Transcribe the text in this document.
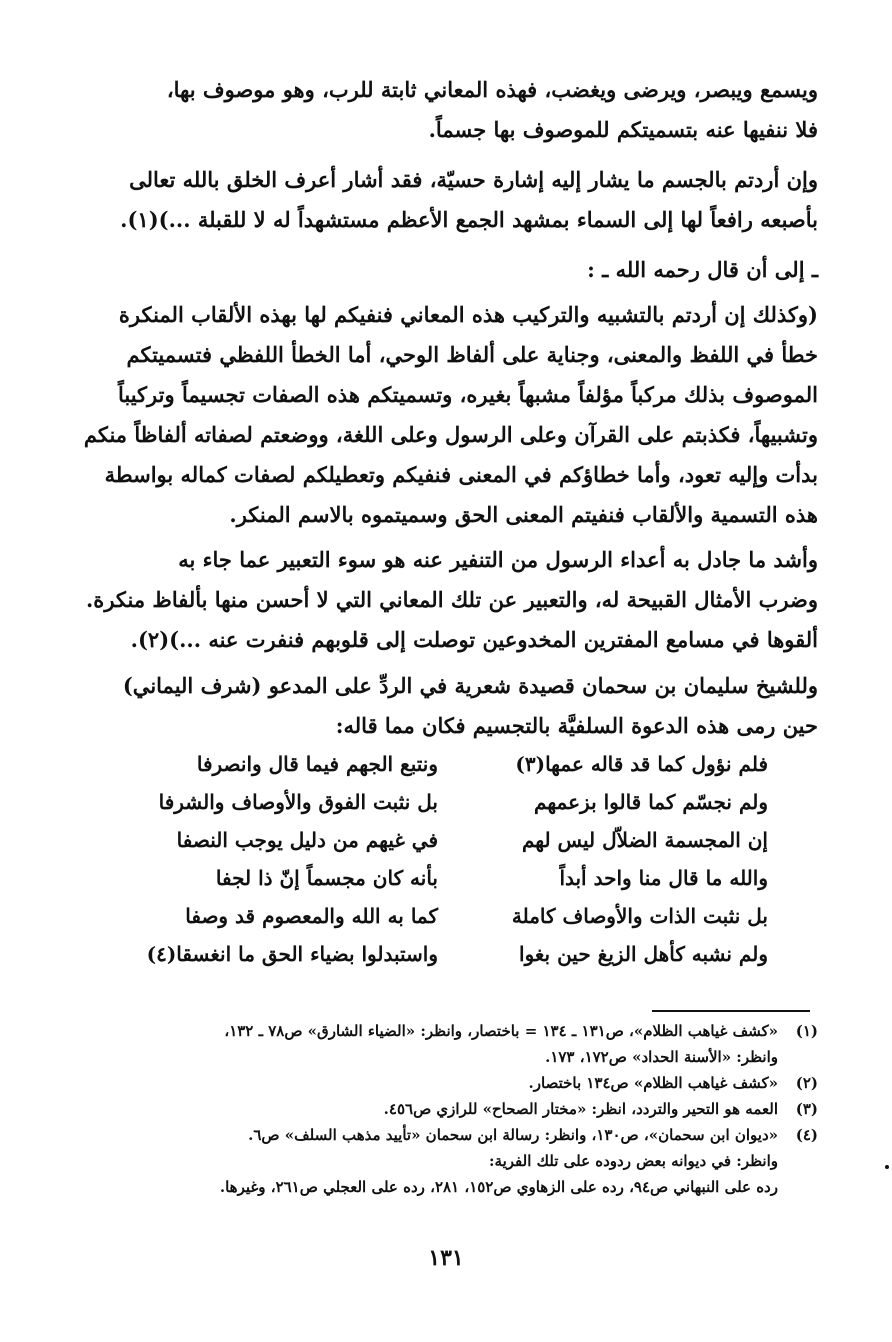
ويسمع ويبصر، ويرضى ويغضب، فهذه المعاني ثابتة للرب، وهو موصوف بها،
فلا ننفيها عنه بتسميتكم للموصوف بها جسماً.
وإن أردتم بالجسم ما يشار إليه إشارة حسيّة، فقد أشار أعرف الخلق بالله تعالى
بأصبعه رافعاً لها إلى السماء بمشهد الجمع الأعظم مستشهداً له لا للقبلة ...)(١).
ـ إلى أن قال رحمه الله ـ :
(وكذلك إن أردتم بالتشبيه والتركيب هذه المعاني فنفيكم لها بهذه الألقاب المنكرة
خطأ في اللفظ والمعنى، وجناية على ألفاظ الوحي، أما الخطأ اللفظي فتسميتكم
الموصوف بذلك مركباً مؤلفاً مشبهاً بغيره، وتسميتكم هذه الصفات تجسيماً وتركيباً
وتشبيهاً، فكذبتم على القرآن وعلى الرسول وعلى اللغة، ووضعتم لصفاته ألفاظاً منكم
بدأت وإليه تعود، وأما خطاؤكم في المعنى فنفيكم وتعطيلكم لصفات كماله بواسطة
هذه التسمية والألقاب فنفيتم المعنى الحق وسميتموه بالاسم المنكر.
وأشد ما جادل به أعداء الرسول من التنفير عنه هو سوء التعبير عما جاء به
وضرب الأمثال القبيحة له، والتعبير عن تلك المعاني التي لا أحسن منها بألفاظ منكرة.
ألقوها في مسامع المفترين المخدوعين توصلت إلى قلوبهم فنفرت عنه ...)(٢).
وللشيخ سليمان بن سحمان قصيدة شعرية في الردِّ على المدعو (شرف اليماني)
حين رمى هذه الدعوة السلفيَّة بالتجسيم فكان مما قاله:
فلم نؤول كما قد قاله عمها(٣)
ونتبع الجهم فيما قال وانصرفا
ولم نجسّم كما قالوا بزعمهم
بل نثبت الفوق والأوصاف والشرفا
إن المجسمة الضلاّل ليس لهم
في غيهم من دليل يوجب النصفا
والله ما قال منا واحد أبداً
بأنه كان مجسماً إنّ ذا لجفا
بل نثبت الذات والأوصاف كاملة
كما به الله والمعصوم قد وصفا
ولم نشبه كأهل الزيغ حين بغوا
واستبدلوا بضياء الحق ما انغسقا(٤)
(١)
«كشف غياهب الظلام»، ص١٣١ ـ ١٣٤ = باختصار، وانظر: «الضياء الشارق» ص٧٨ ـ ١٣٢،
وانظر: «الأسنة الحداد» ص١٧٢، ١٧٣.
(٢)
«كشف غياهب الظلام» ص١٣٤ باختصار.
(٣)
العمه هو التحير والتردد، انظر: «مختار الصحاح» للرازي ص٤٥٦.
(٤)
«ديوان ابن سحمان»، ص١٣٠، وانظر: رسالة ابن سحمان «تأييد مذهب السلف» ص٦.
وانظر: في ديوانه بعض ردوده على تلك الفرية:
رده على النبهاني ص٩٤، رده على الزهاوي ص١٥٢، ٢٨١، رده على العجلي ص٢٦١، وغيرها.
١٣١
